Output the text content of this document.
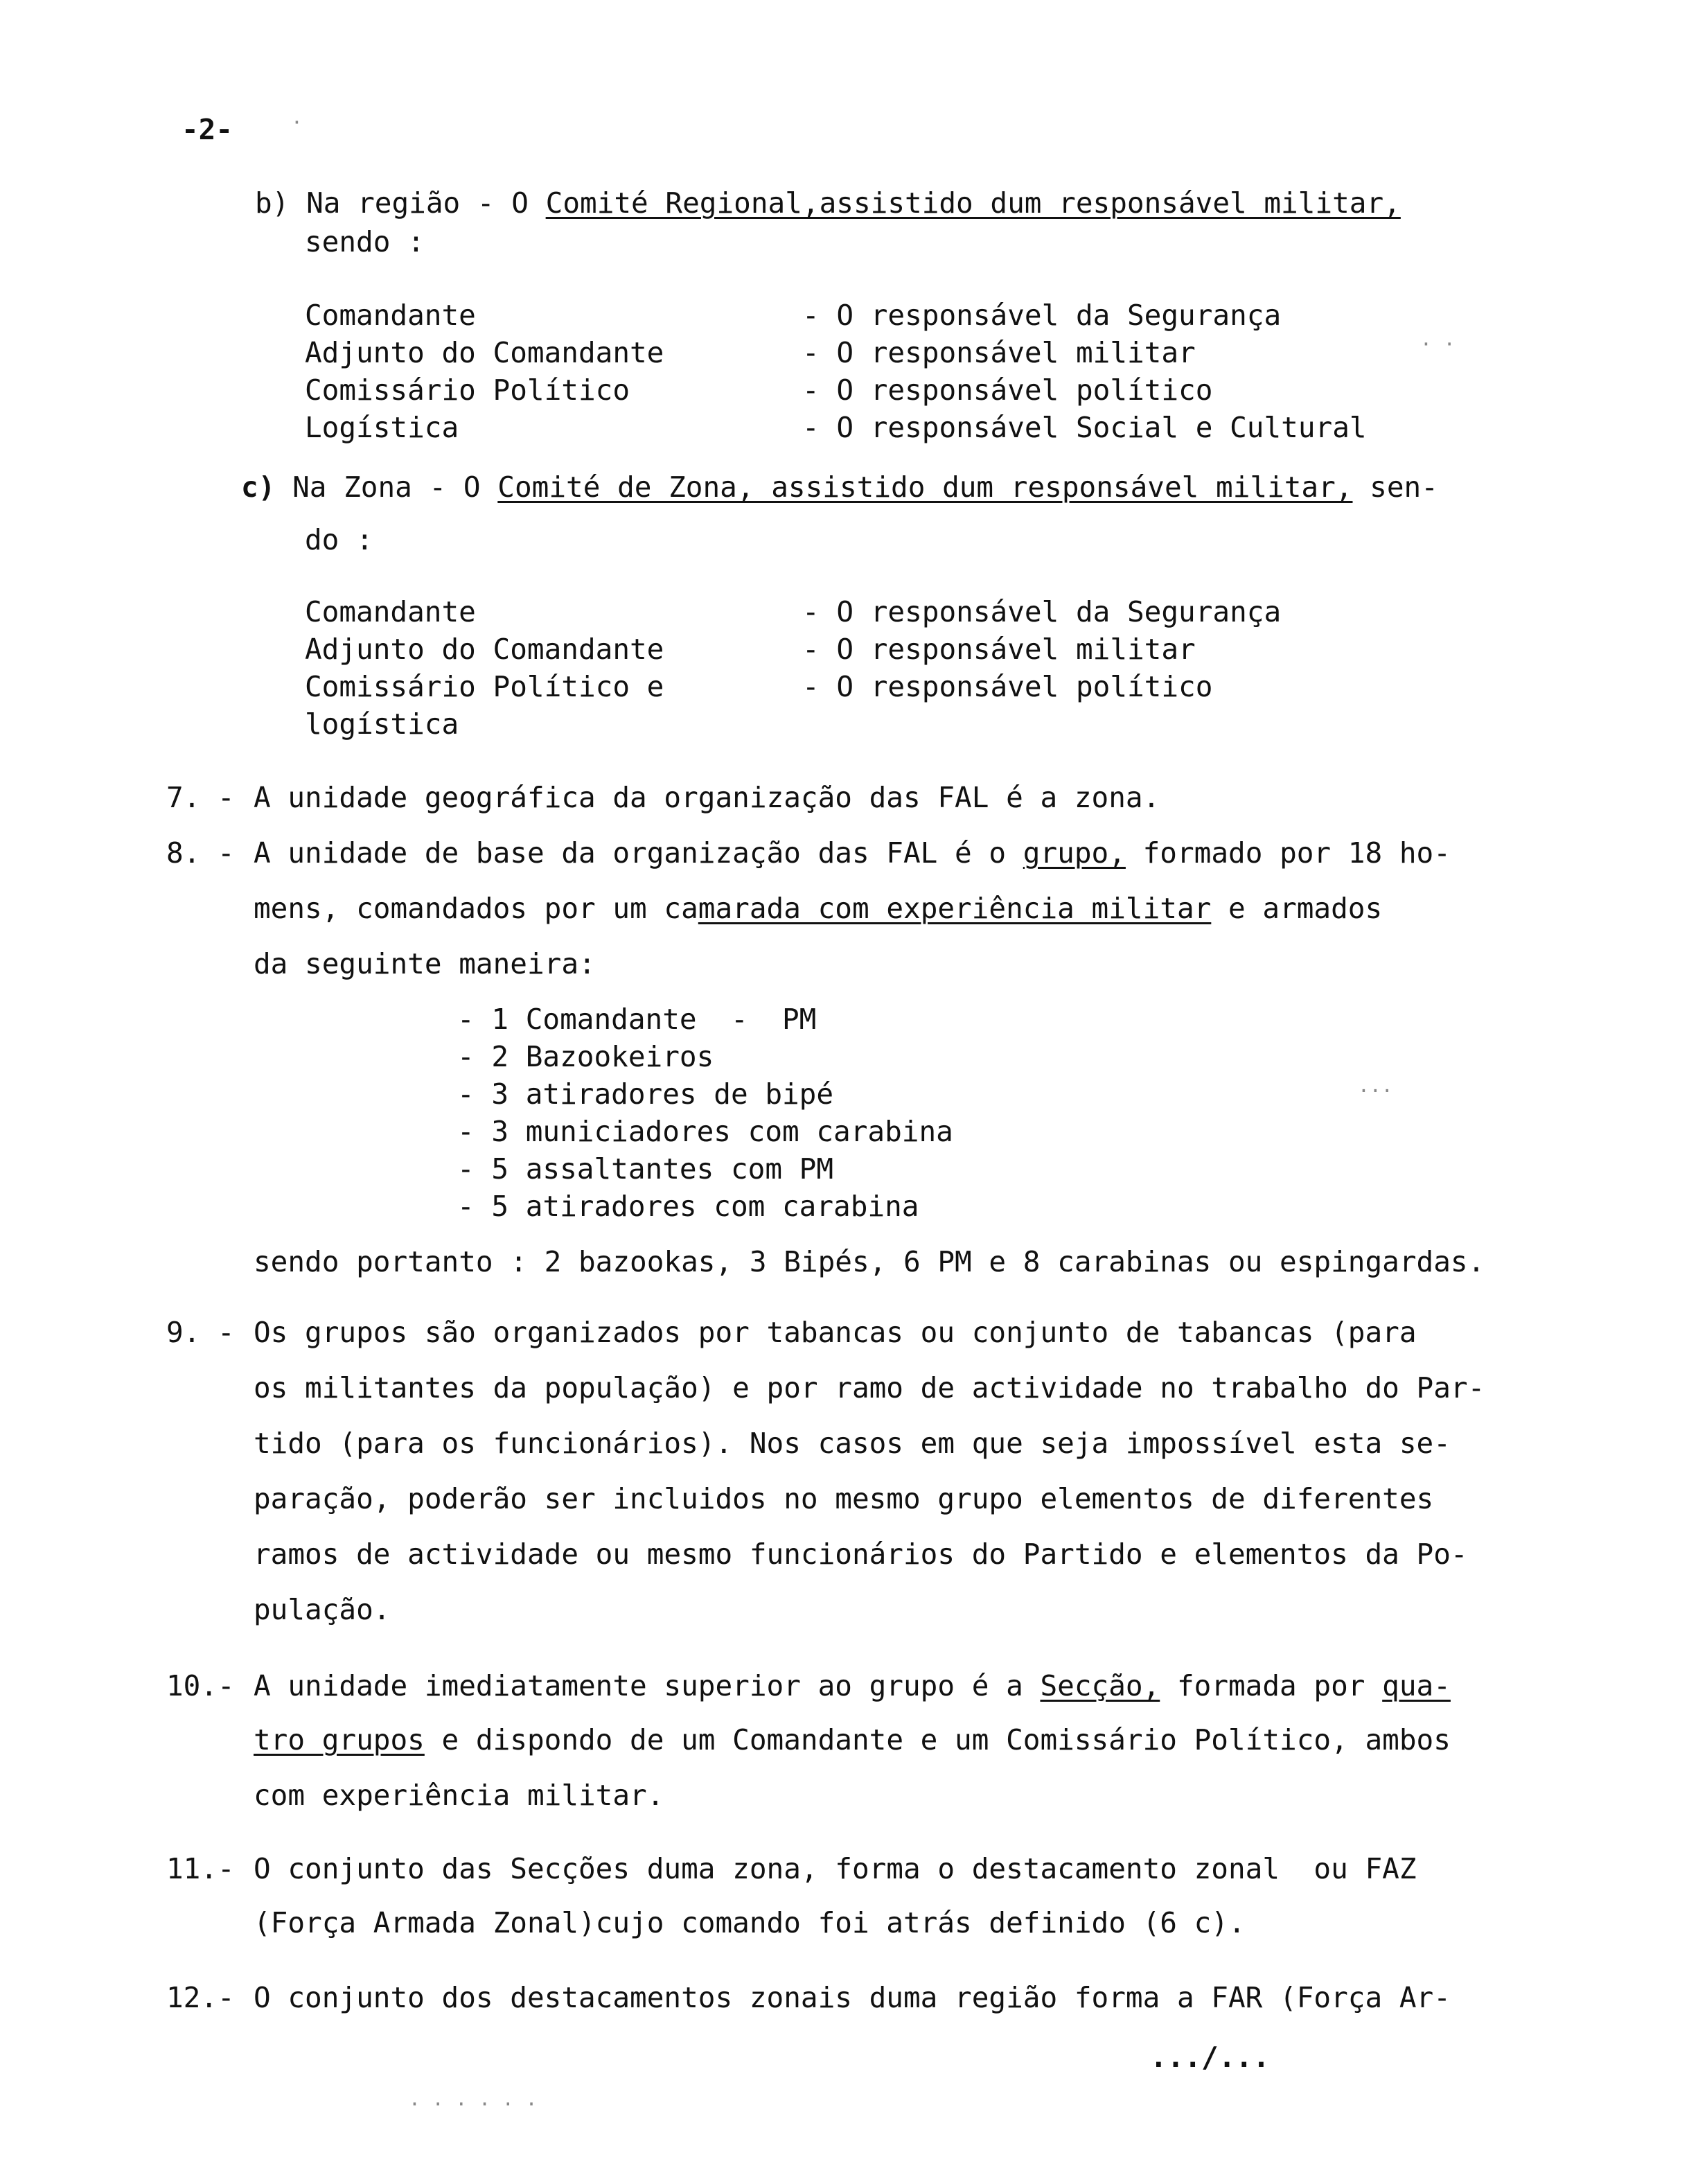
-2-
b) Na região - O Comité Regional,assistido dum responsável militar,
sendo :
Comandante	- O responsável da Segurança
Adjunto do Comandante	- O responsável militar
Comissário Político	- O responsável político
Logística	- O responsável Social e Cultural
c) Na Zona - O Comité de Zona, assistido dum responsável militar, sen-
do :
Comandante	- O responsável da Segurança
Adjunto do Comandante	- O responsável militar
Comissário Político e	- O responsável político
logística
7. - A unidade geográfica da organização das FAL é a zona.
8. - A unidade de base da organização das FAL é o grupo, formado por 18 ho-
mens, comandados por um camarada com experiência militar e armados
da seguinte maneira:
- 1 Comandante  -  PM
- 2 Bazookeiros
- 3 atiradores de bipé
- 3 municiadores com carabina
- 5 assaltantes com PM
- 5 atiradores com carabina
sendo portanto : 2 bazookas, 3 Bipés, 6 PM e 8 carabinas ou espingardas.
9. - Os grupos são organizados por tabancas ou conjunto de tabancas (para
os militantes da população) e por ramo de actividade no trabalho do Par-
tido (para os funcionários). Nos casos em que seja impossível esta se-
paração, poderão ser incluidos no mesmo grupo elementos de diferentes
ramos de actividade ou mesmo funcionários do Partido e elementos da Po-
pulação.
10.- A unidade imediatamente superior ao grupo é a Secção, formada por qua-
tro grupos e dispondo de um Comandante e um Comissário Político, ambos
com experiência militar.
11.- O conjunto das Secções duma zona, forma o destacamento zonal  ou FAZ
(Força Armada Zonal)cujo comando foi atrás definido (6 c).
12.- O conjunto dos destacamentos zonais duma região forma a FAR (Força Ar-
.../...
·
· · · · · ·
· ·
...
